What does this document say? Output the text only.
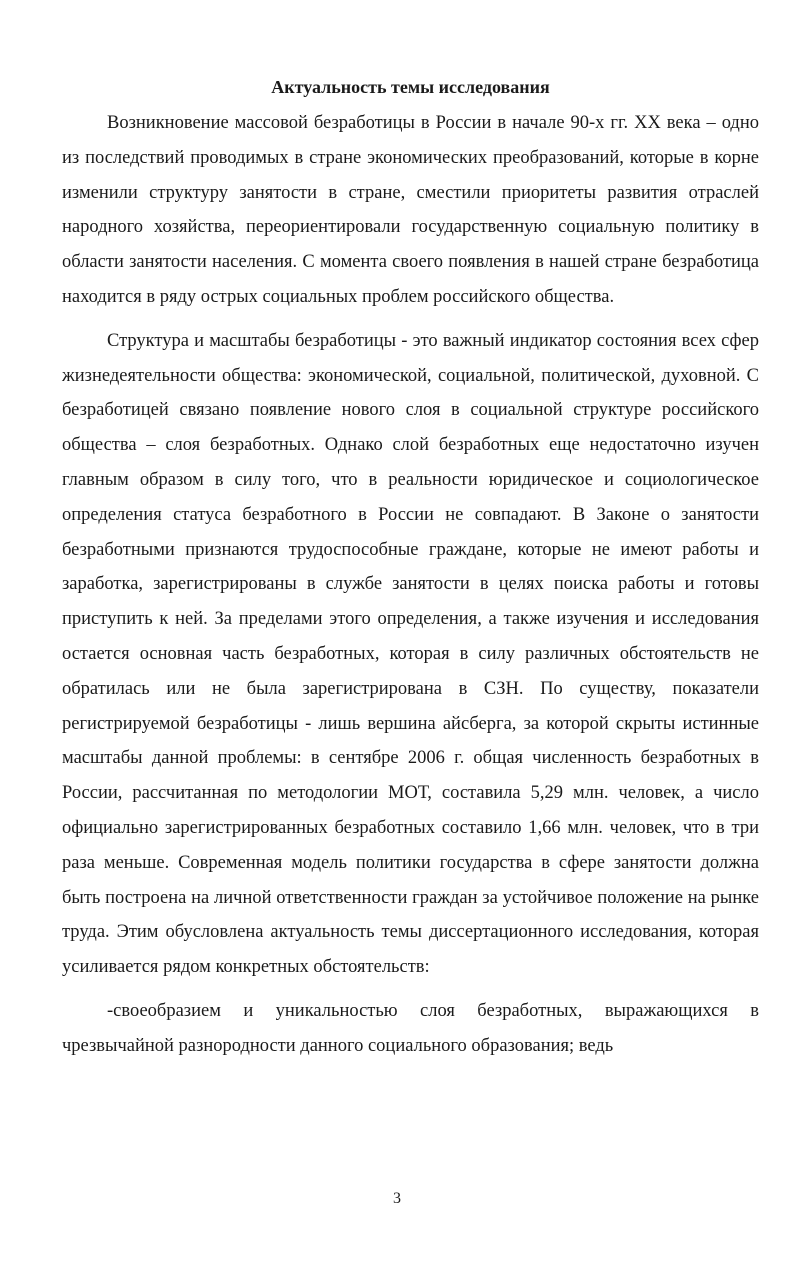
Актуальность темы исследования

Возникновение массовой безработицы в России в начале 90-х гг. XX века – одно из последствий проводимых в стране экономических преобразований, которые в корне изменили структуру занятости в стране, сместили приоритеты развития отраслей народного хозяйства, переориентировали государственную социальную политику в области занятости населения. С момента своего появления в нашей стране безработица находится в ряду острых социальных проблем российского общества.

Структура и масштабы безработицы - это важный индикатор состояния всех сфер жизнедеятельности общества: экономической, социальной, политической, духовной. С безработицей связано появление нового слоя в социальной структуре российского общества – слоя безработных. Однако слой безработных еще недостаточно изучен главным образом в силу того, что в реальности юридическое и социологическое определения статуса безработного в России не совпадают. В Законе о занятости безработными признаются трудоспособные граждане, которые не имеют работы и заработка, зарегистрированы в службе занятости в целях поиска работы и готовы приступить к ней. За пределами этого определения, а также изучения и исследования остается основная часть безработных, которая в силу различных обстоятельств не обратилась или не была зарегистрирована в СЗН. По существу, показатели регистрируемой безработицы - лишь вершина айсберга, за которой скрыты истинные масштабы данной проблемы: в сентябре 2006 г. общая численность безработных в России, рассчитанная по методологии МОТ, составила 5,29 млн. человек, а число официально зарегистрированных безработных составило 1,66 млн. человек, что в три раза меньше. Современная модель политики государства в сфере занятости должна быть построена на личной ответственности граждан за устойчивое положение на рынке труда. Этим обусловлена актуальность темы диссертационного исследования, которая усиливается рядом конкретных обстоятельств:

-своеобразием и уникальностью слоя безработных, выражающихся в чрезвычайной разнородности данного социального образования; ведь

3
